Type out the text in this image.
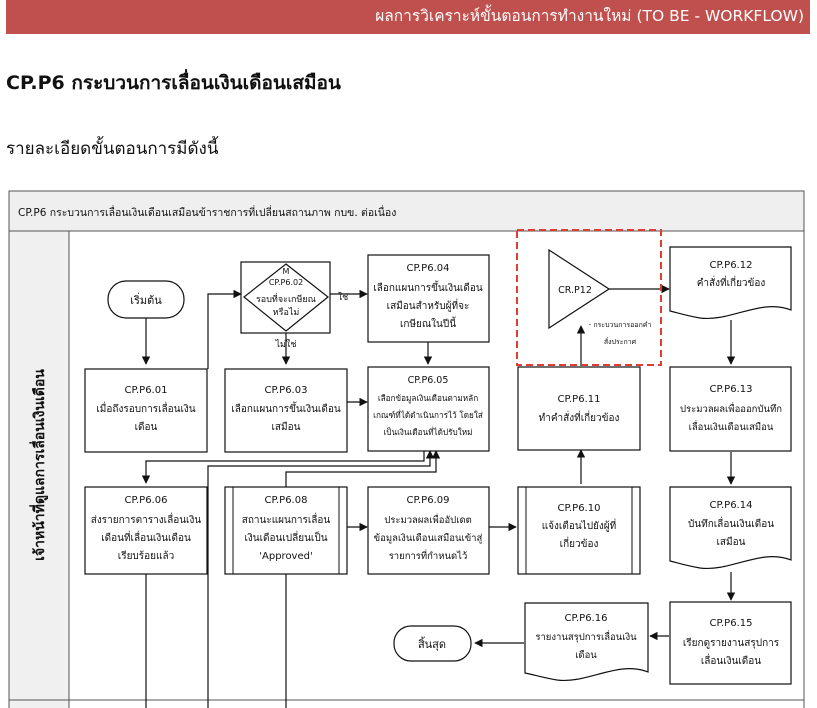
ผลการวิเคราะห์ขั้นตอนการทำงานใหม่ (TO BE - WORKFLOW)
CP.P6 กระบวนการเลื่อนเงินเดือนเสมือน
รายละเอียดขั้นตอนการมีดังนี้
CP.P6 กระบวนการเลื่อนเงินเดือนเสมือนข้าราชการที่เปลี่ยนสถานภาพ กบข. ต่อเนื่อง
เจ้าหน้าที่ดูแลการเลื่อนเงินเดือน
ใช่
ไม่ใช่
เริ่มต้น
M
CP.P6.02
รอบที่จะเกษียณ
หรือไม่
CP.P6.01
เมื่อถึงรอบการเลื่อนเงิน
เดือน
CP.P6.03
เลือกแผนการขึ้นเงินเดือน
เสมือน
CP.P6.04
เลือกแผนการขึ้นเงินเดือน
เสมือนสำหรับผู้ที่จะ
เกษียณในปีนี้
CP.P6.05
เลือกข้อมูลเงินเดือนตามหลัก
เกณฑ์ที่ได้ดำเนินการไว้ โดยใส่
เป็นเงินเดือนที่ได้ปรับใหม่
CP.P6.06
ส่งรายการตารางเลื่อนเงิน
เดือนที่เลื่อนเงินเดือน
เรียบร้อยแล้ว
CP.P6.08
สถานะแผนการเลื่อน
เงินเดือนเปลี่ยนเป็น
'Approved'
CP.P6.09
ประมวลผลเพื่ออัปเดต
ข้อมูลเงินเดือนเสมือนเข้าสู่
รายการที่กำหนดไว้
CP.P6.10
แจ้งเตือนไปยังผู้ที่
เกี่ยวข้อง
CP.P6.11
ทำคำสั่งที่เกี่ยวข้อง
CR.P12
- กระบวนการออกคำ
สั่งประกาศ
CP.P6.12
คำสั่งที่เกี่ยวข้อง
CP.P6.13
ประมวลผลเพื่อออกบันทึก
เลื่อนเงินเดือนเสมือน
CP.P6.14
บันทึกเลื่อนเงินเดือน
เสมือน
CP.P6.15
เรียกดูรายงานสรุปการ
เลื่อนเงินเดือน
CP.P6.16
รายงานสรุปการเลื่อนเงิน
เดือน
สิ้นสุด
